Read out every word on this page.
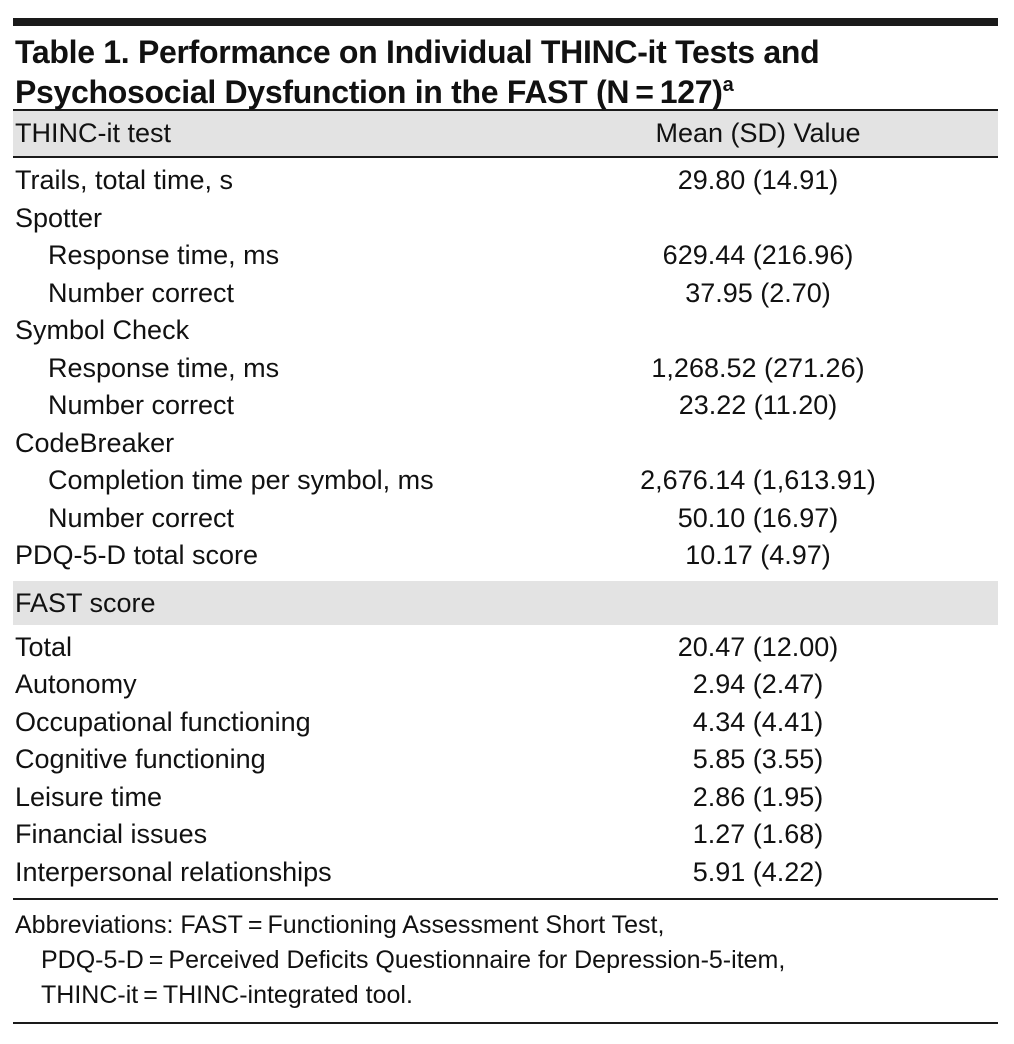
Table 1. Performance on Individual THINC-it Tests and
Psychosocial Dysfunction in the FAST (N = 127)$^a$
THINC-it test	Mean (SD) Value
Trails, total time, s	29.80 (14.91)
Spotter
Response time, ms	629.44 (216.96)
Number correct	37.95 (2.70)
Symbol Check
Response time, ms	1,268.52 (271.26)
Number correct	23.22 (11.20)
CodeBreaker
Completion time per symbol, ms	2,676.14 (1,613.91)
Number correct	50.10 (16.97)
PDQ-5-D total score	10.17 (4.97)
FAST score
Total	20.47 (12.00)
Autonomy	2.94 (2.47)
Occupational functioning	4.34 (4.41)
Cognitive functioning	5.85 (3.55)
Leisure time	2.86 (1.95)
Financial issues	1.27 (1.68)
Interpersonal relationships	5.91 (4.22)
Abbreviations: FAST = Functioning Assessment Short Test,
PDQ-5-D = Perceived Deficits Questionnaire for Depression-5-item,
THINC-it = THINC-integrated tool.
